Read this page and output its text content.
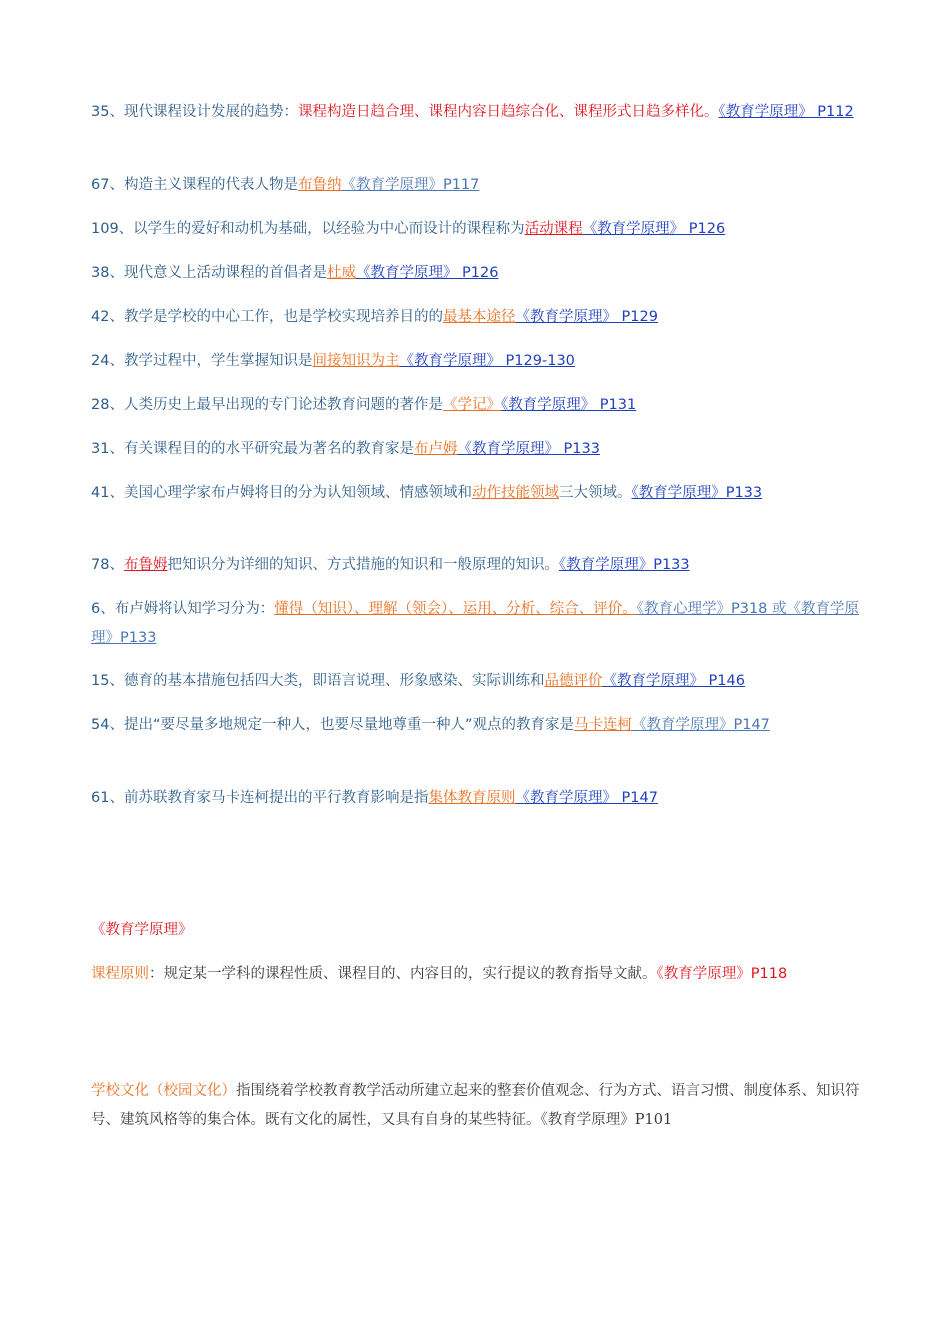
35、现代课程设计发展的趋势：课程构造日趋合理、课程内容日趋综合化、课程形式日趋多样化。《教育学原理》 P112

67、构造主义课程的代表人物是布鲁纳《教育学原理》P117

109、以学生的爱好和动机为基础，以经验为中心而设计的课程称为活动课程《教育学原理》 P126

38、现代意义上活动课程的首倡者是杜威《教育学原理》 P126

42、教学是学校的中心工作，也是学校实现培养目的的最基本途径《教育学原理》 P129

24、教学过程中，学生掌握知识是间接知识为主《教育学原理》 P129-130

28、人类历史上最早出现的专门论述教育问题的著作是《学记》《教育学原理》 P131

31、有关课程目的的水平研究最为著名的教育家是布卢姆《教育学原理》 P133

41、美国心理学家布卢姆将目的分为认知领域、情感领域和动作技能领域三大领域。《教育学原理》P133

78、布鲁姆把知识分为详细的知识、方式措施的知识和一般原理的知识。《教育学原理》P133

6、布卢姆将认知学习分为：懂得（知识）、理解（领会）、运用、分析、综合、评价。《教育心理学》P318 或《教育学原理》P133

15、德育的基本措施包括四大类，即语言说理、形象感染、实际训练和品德评价《教育学原理》 P146

54、提出“要尽量多地规定一种人，也要尽量地尊重一种人”观点的教育家是马卡连柯《教育学原理》P147

61、前苏联教育家马卡连柯提出的平行教育影响是指集体教育原则《教育学原理》 P147

《教育学原理》

课程原则：规定某一学科的课程性质、课程目的、内容目的，实行提议的教育指导文献。《教育学原理》P118

学校文化（校园文化）指围绕着学校教育教学活动所建立起来的整套价值观念、行为方式、语言习惯、制度体系、知识符号、建筑风格等的集合体。既有文化的属性，又具有自身的某些特征。《教育学原理》P101
